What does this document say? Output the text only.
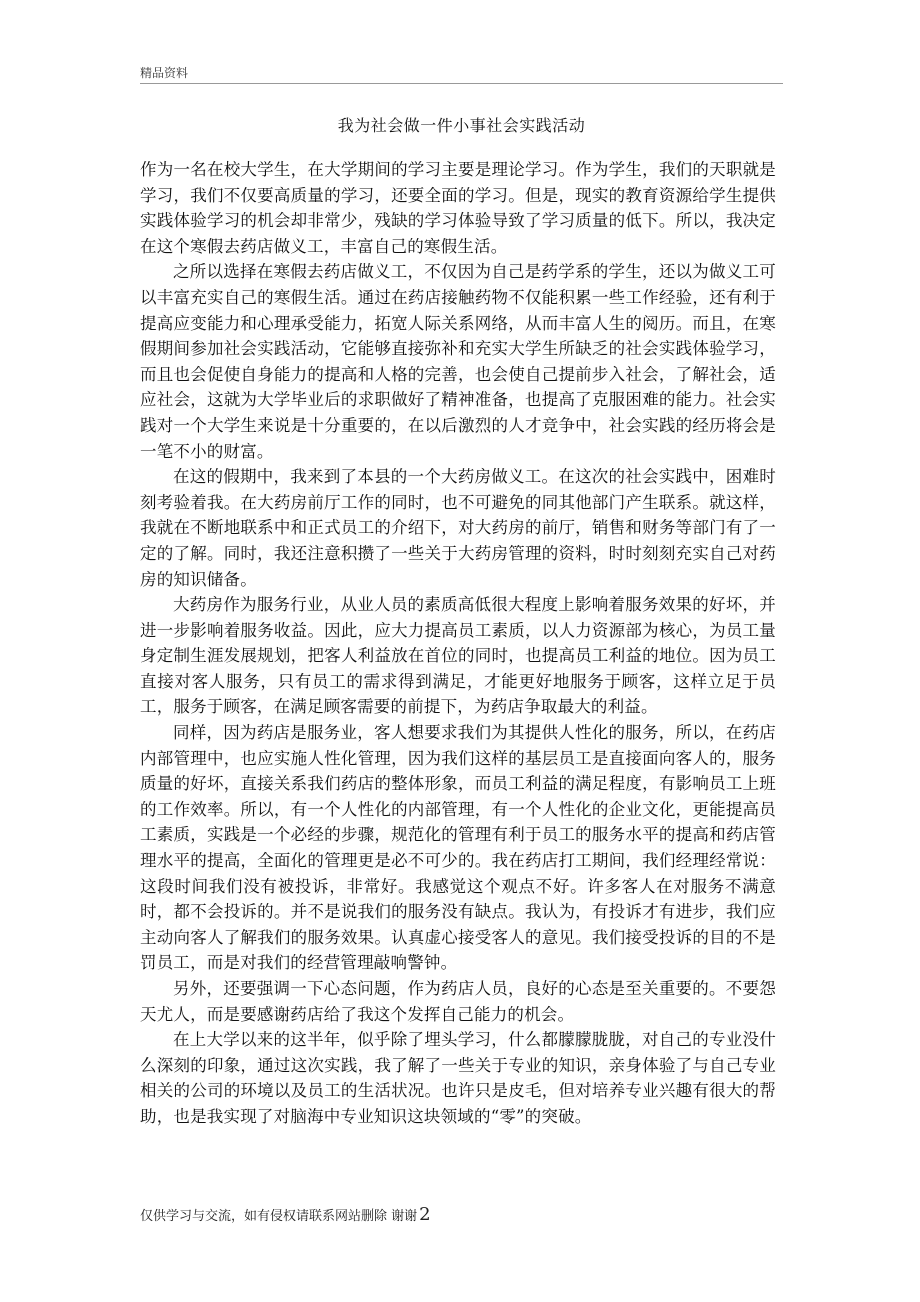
精品资料
我为社会做一件小事社会实践活动

作为一名在校大学生，在大学期间的学习主要是理论学习。作为学生，我们的天职就是学习，我们不仅要高质量的学习，还要全面的学习。但是，现实的教育资源给学生提供实践体验学习的机会却非常少，残缺的学习体验导致了学习质量的低下。所以，我决定在这个寒假去药店做义工，丰富自己的寒假生活。

之所以选择在寒假去药店做义工，不仅因为自己是药学系的学生，还以为做义工可以丰富充实自己的寒假生活。通过在药店接触药物不仅能积累一些工作经验，还有利于提高应变能力和心理承受能力，拓宽人际关系网络，从而丰富人生的阅历。而且，在寒假期间参加社会实践活动，它能够直接弥补和充实大学生所缺乏的社会实践体验学习，而且也会促使自身能力的提高和人格的完善，也会使自己提前步入社会，了解社会，适应社会，这就为大学毕业后的求职做好了精神准备，也提高了克服困难的能力。社会实践对一个大学生来说是十分重要的，在以后激烈的人才竞争中，社会实践的经历将会是一笔不小的财富。

在这的假期中，我来到了本县的一个大药房做义工。在这次的社会实践中，困难时刻考验着我。在大药房前厅工作的同时，也不可避免的同其他部门产生联系。就这样，我就在不断地联系中和正式员工的介绍下，对大药房的前厅，销售和财务等部门有了一定的了解。同时，我还注意积攒了一些关于大药房管理的资料，时时刻刻充实自己对药房的知识储备。

大药房作为服务行业，从业人员的素质高低很大程度上影响着服务效果的好坏，并进一步影响着服务收益。因此，应大力提高员工素质，以人力资源部为核心，为员工量身定制生涯发展规划，把客人利益放在首位的同时，也提高员工利益的地位。因为员工直接对客人服务，只有员工的需求得到满足，才能更好地服务于顾客，这样立足于员工，服务于顾客，在满足顾客需要的前提下，为药店争取最大的利益。

同样，因为药店是服务业，客人想要求我们为其提供人性化的服务，所以，在药店内部管理中，也应实施人性化管理，因为我们这样的基层员工是直接面向客人的，服务质量的好坏，直接关系我们药店的整体形象，而员工利益的满足程度，有影响员工上班的工作效率。所以，有一个人性化的内部管理，有一个人性化的企业文化，更能提高员工素质，实践是一个必经的步骤，规范化的管理有利于员工的服务水平的提高和药店管理水平的提高，全面化的管理更是必不可少的。我在药店打工期间，我们经理经常说：这段时间我们没有被投诉，非常好。我感觉这个观点不好。许多客人在对服务不满意时，都不会投诉的。并不是说我们的服务没有缺点。我认为，有投诉才有进步，我们应主动向客人了解我们的服务效果。认真虚心接受客人的意见。我们接受投诉的目的不是罚员工，而是对我们的经营管理敲响警钟。

另外，还要强调一下心态问题，作为药店人员，良好的心态是至关重要的。不要怨天尤人，而是要感谢药店给了我这个发挥自己能力的机会。

在上大学以来的这半年，似乎除了埋头学习，什么都朦朦胧胧，对自己的专业没什么深刻的印象，通过这次实践，我了解了一些关于专业的知识，亲身体验了与自己专业相关的公司的环境以及员工的生活状况。也许只是皮毛，但对培养专业兴趣有很大的帮助，也是我实现了对脑海中专业知识这块领域的“零”的突破。

仅供学习与交流，如有侵权请联系网站删除 谢谢 2
